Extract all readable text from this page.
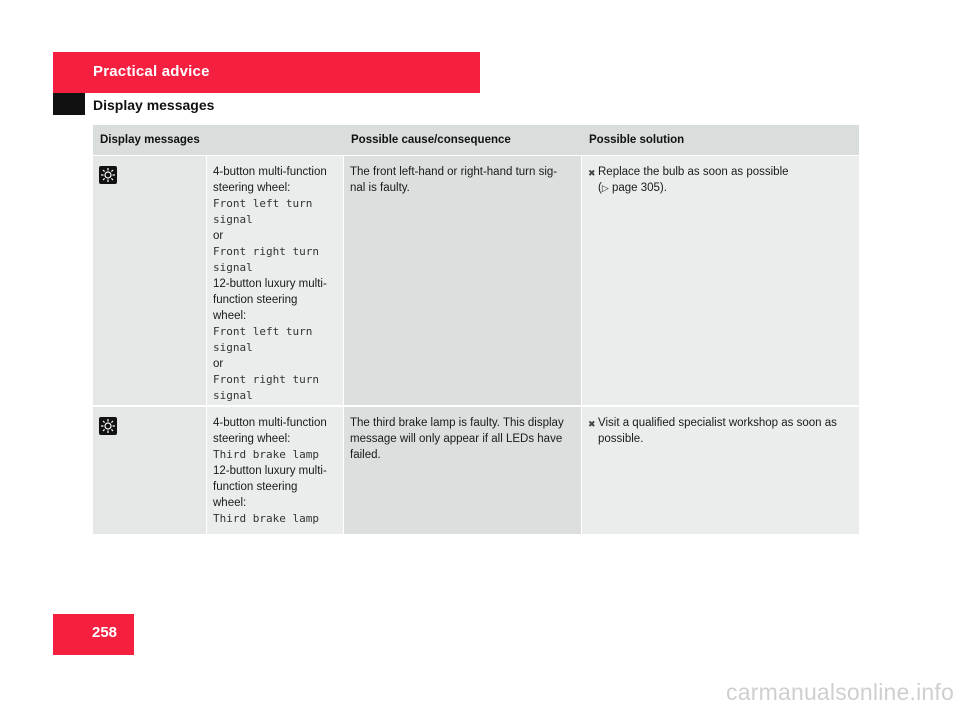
Practical advice
Display messages
Display messages	Possible cause/consequence	Possible solution
4-button multi-function
steering wheel:
Front left turn
signal
or
Front right turn
signal
12-button luxury multi-
function steering
wheel:
Front left turn
signal
or
Front right turn
signal
The front left-hand or right-hand turn sig-
nal is faulty.
✖ Replace the bulb as soon as possible
(▷ page 305).
4-button multi-function
steering wheel:
Third brake lamp
12-button luxury multi-
function steering
wheel:
Third brake lamp
The third brake lamp is faulty. This display
message will only appear if all LEDs have
failed.
✖ Visit a qualified specialist workshop as soon as
possible.
258
carmanualsonline.info
